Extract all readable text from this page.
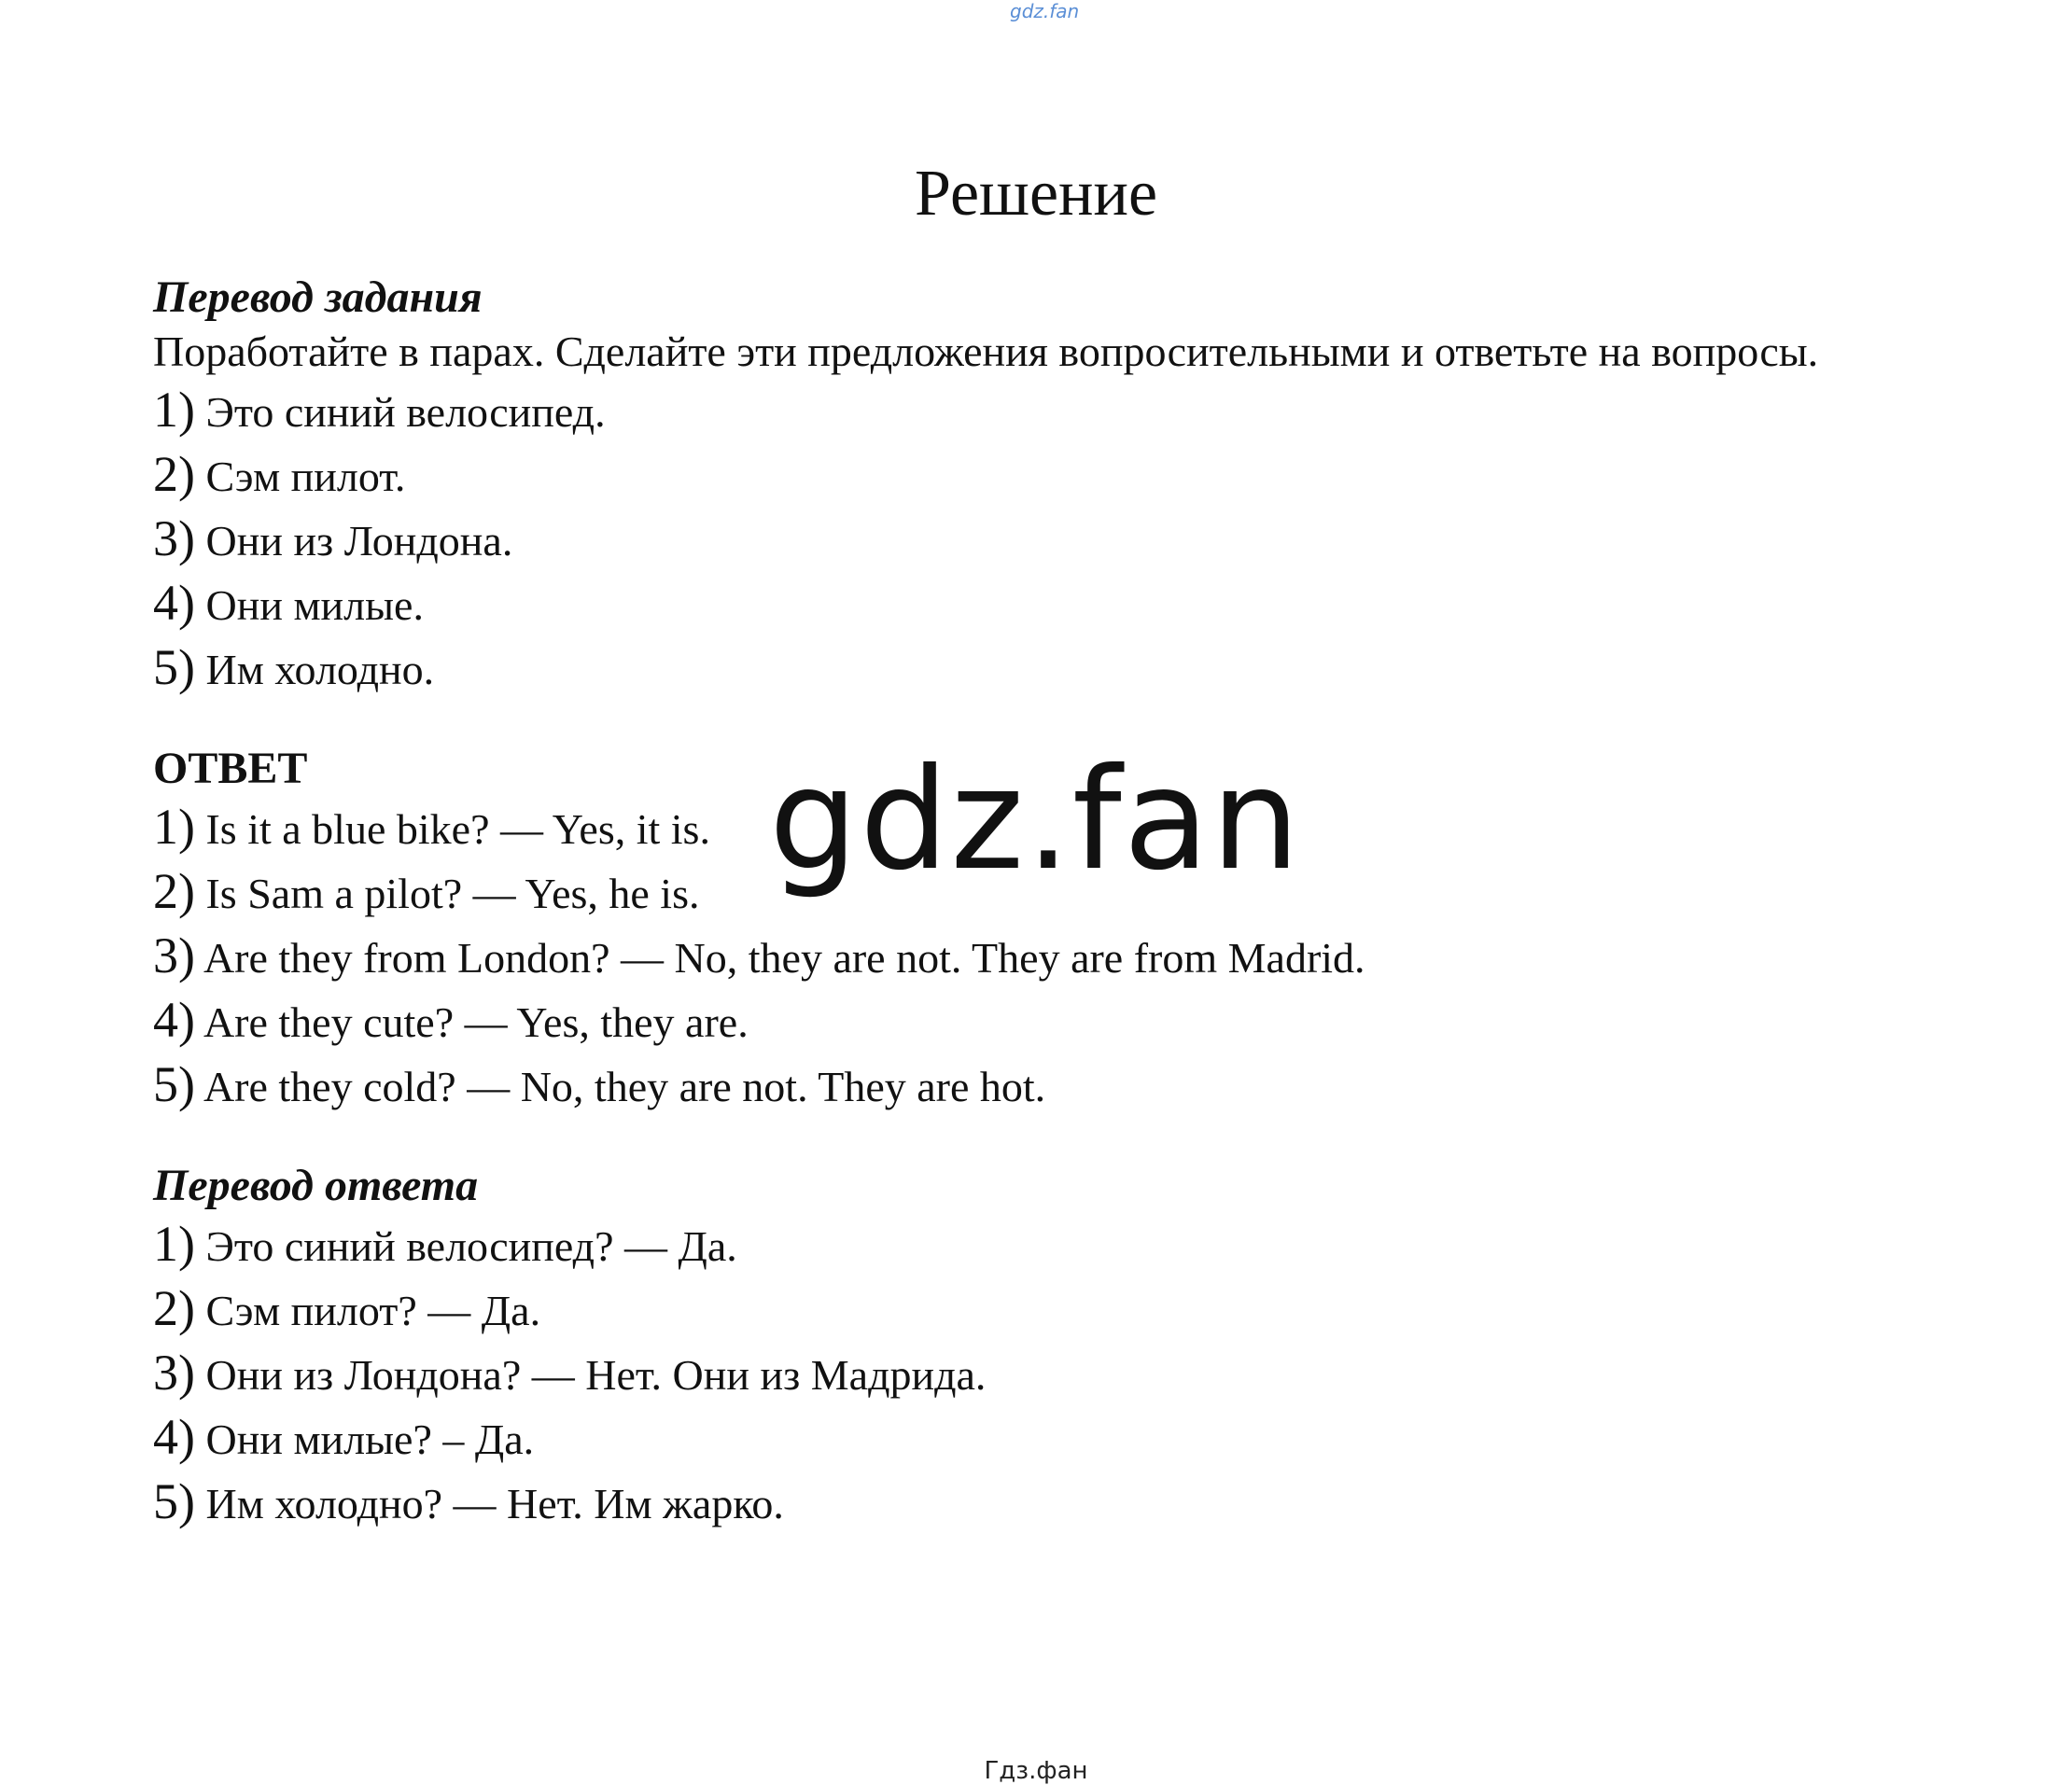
gdz.fan
Решение

Перевод задания

Поработайте в парах. Сделайте эти предложения вопросительными и ответьте на вопросы.

1) Это синий велосипед.
2) Сэм пилот.
3) Они из Лондона.
4) Они милые.
5) Им холодно.

ОТВЕТ

1) Is it a blue bike? — Yes, it is.
2) Is Sam a pilot? — Yes, he is.
3) Are they from London? — No, they are not. They are from Madrid.
4) Are they cute? — Yes, they are.
5) Are they cold? — No, they are not. They are hot.

Перевод ответа

1) Это синий велосипед? — Да.
2) Сэм пилот? — Да.
3) Они из Лондона? — Нет. Они из Мадрида.
4) Они милые? – Да.
5) Им холодно? — Нет. Им жарко.
gdz.fan
Гдз.фан
